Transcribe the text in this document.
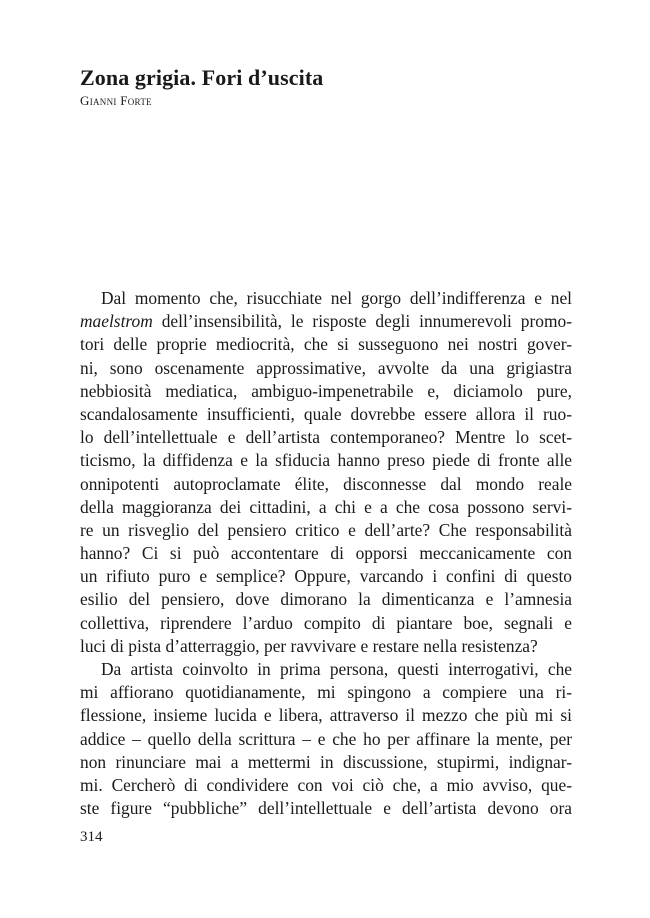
Zona grigia. Fori d’uscita

Gianni Forte

Dal momento che, risucchiate nel gorgo dell’indifferenza e nel
maelstrom dell’insensibilità, le risposte degli innumerevoli promo-
tori delle proprie mediocrità, che si susseguono nei nostri gover-
ni, sono oscenamente approssimative, avvolte da una grigiastra
nebbiosità mediatica, ambiguo-impenetrabile e, diciamolo pure,
scandalosamente insufficienti, quale dovrebbe essere allora il ruo-
lo dell’intellettuale e dell’artista contemporaneo? Mentre lo scet-
ticismo, la diffidenza e la sfiducia hanno preso piede di fronte alle
onnipotenti autoproclamate élite, disconnesse dal mondo reale
della maggioranza dei cittadini, a chi e a che cosa possono servi-
re un risveglio del pensiero critico e dell’arte? Che responsabilità
hanno? Ci si può accontentare di opporsi meccanicamente con
un rifiuto puro e semplice? Oppure, varcando i confini di questo
esilio del pensiero, dove dimorano la dimenticanza e l’amnesia
collettiva, riprendere l’arduo compito di piantare boe, segnali e
luci di pista d’atterraggio, per ravvivare e restare nella resistenza?
Da artista coinvolto in prima persona, questi interrogativi, che
mi affiorano quotidianamente, mi spingono a compiere una ri-
flessione, insieme lucida e libera, attraverso il mezzo che più mi si
addice – quello della scrittura – e che ho per affinare la mente, per
non rinunciare mai a mettermi in discussione, stupirmi, indignar-
mi. Cercherò di condividere con voi ciò che, a mio avviso, que-
ste figure “pubbliche” dell’intellettuale e dell’artista devono ora

314
